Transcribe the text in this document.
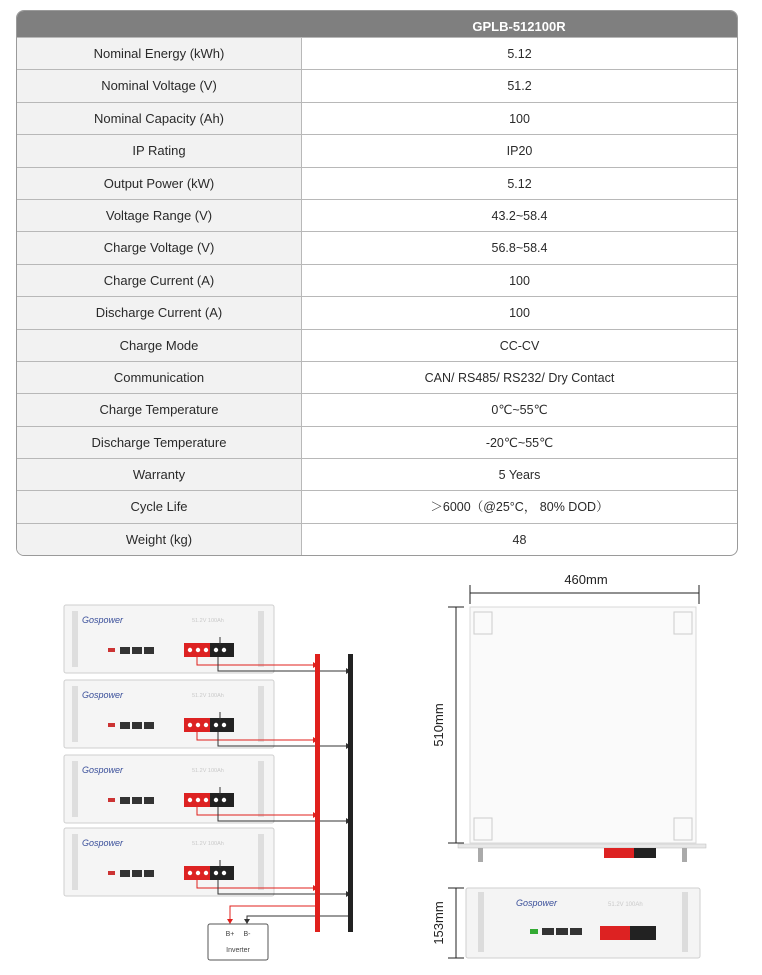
GPLB-512100R
Nominal Energy (kWh)	5.12
Nominal Voltage (V)	51.2
Nominal Capacity (Ah)	100
IP Rating	IP20
Output Power (kW)	5.12
Voltage Range (V)	43.2~58.4
Charge Voltage (V)	56.8~58.4
Charge Current (A)	100
Discharge Current (A)	100
Charge Mode	CC-CV
Communication	CAN/ RS485/ RS232/ Dry Contact
Charge Temperature	0℃~55℃
Discharge Temperature	-20℃~55℃
Warranty	5 Years
Cycle Life	＞6000（@25°C， 80% DOD）
Weight (kg)	48
Gospower	51.2V 100Ah
Gospower	51.2V 100Ah
Gospower	51.2V 100Ah
Gospower	51.2V 100Ah
B+ B-
Inverter
460mm
510mm
Gospower	51.2V 100Ah
153mm
